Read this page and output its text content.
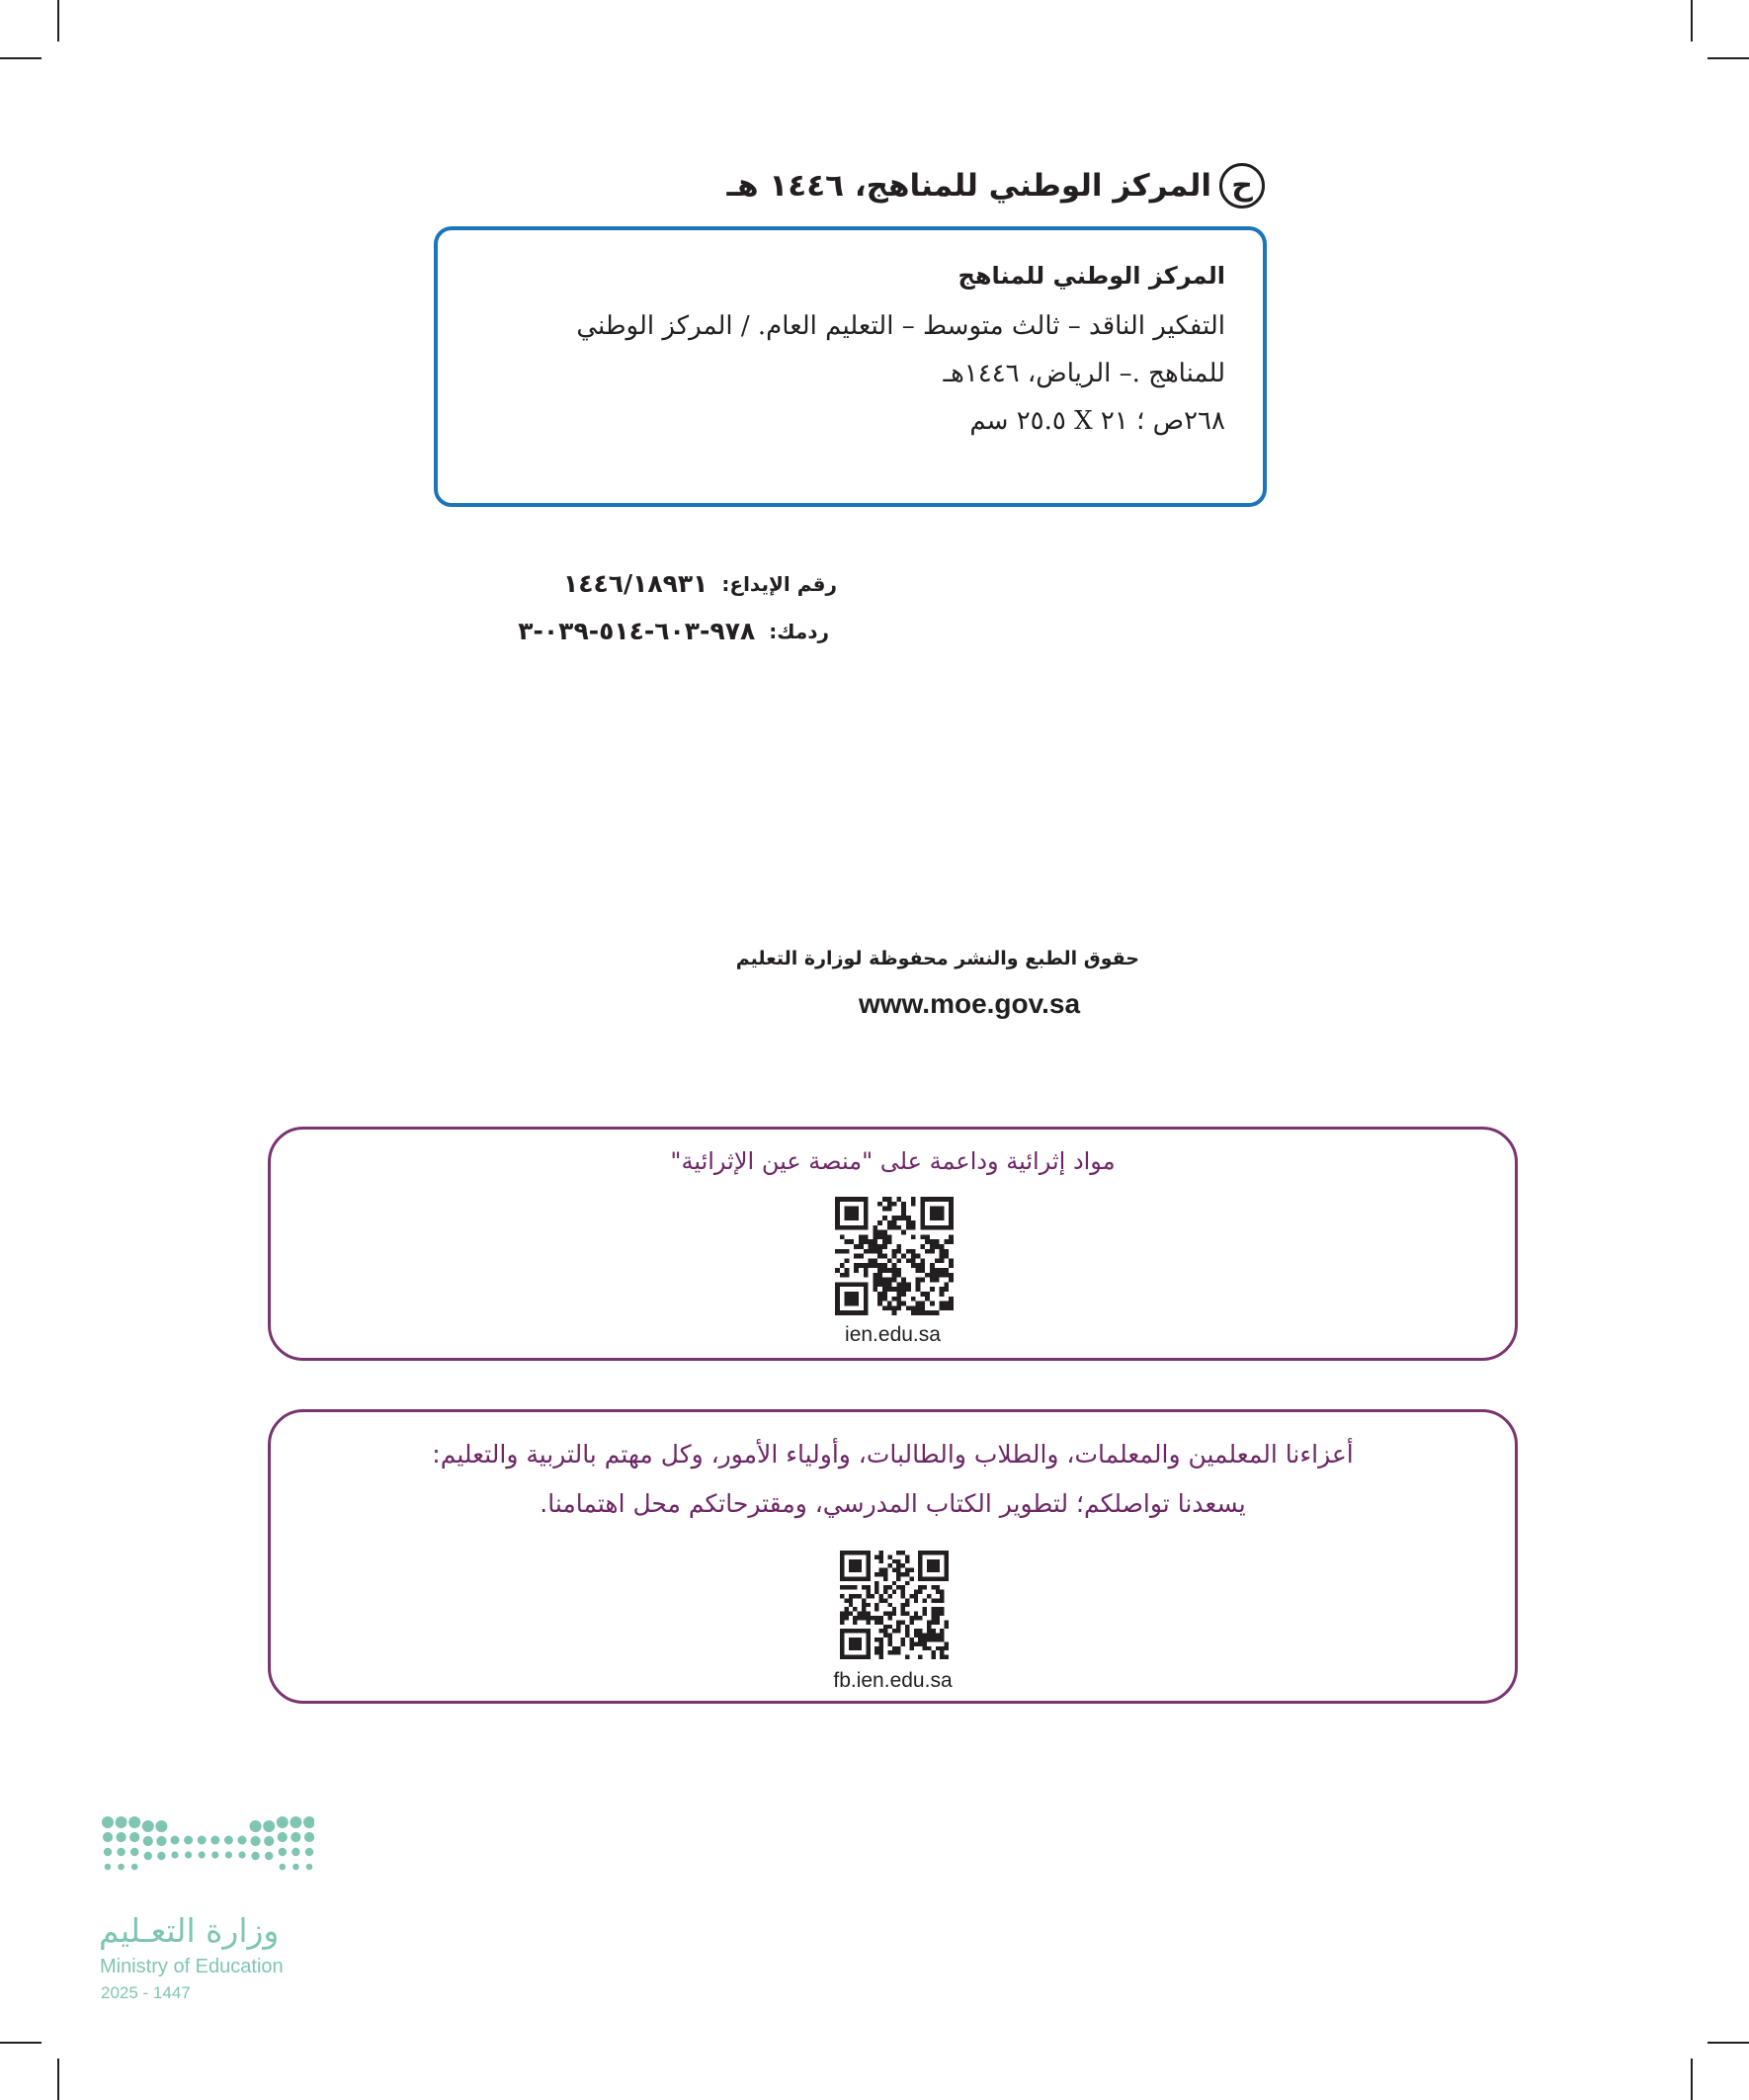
ح
المركز الوطني للمناهج، ١٤٤٦ هـ
المركز الوطني للمناهج
التفكير الناقد – ثالث متوسط – التعليم العام. / المركز الوطني
للمناهج .– الرياض، ١٤٤٦هـ
٢٦٨ص ؛ ٢١ X ٢٥.٥ سم
رقم الإيداع:
١٤٤٦/١٨٩٣١
ردمك:
٩٧٨-٦٠٣-٥١٤-٠٣٩-٣
حقوق الطبع والنشر محفوظة لوزارة التعليم
www.moe.gov.sa
مواد إثرائية وداعمة على "منصة عين الإثرائية"
ien.edu.sa
أعزاءنا المعلمين والمعلمات، والطلاب والطالبات، وأولياء الأمور، وكل مهتم بالتربية والتعليم:
يسعدنا تواصلكم؛ لتطوير الكتاب المدرسي، ومقترحاتكم محل اهتمامنا.
fb.ien.edu.sa
وزارة التعـليم
Ministry of Education
2025 - 1447
